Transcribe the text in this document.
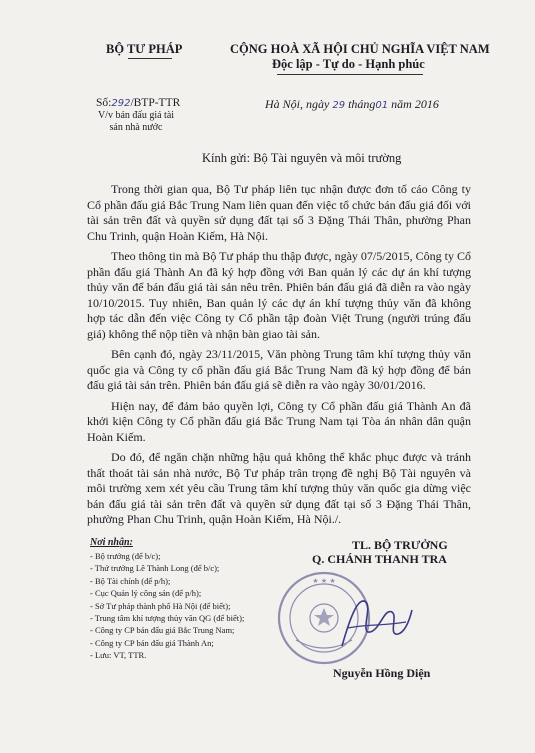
BỘ TƯ PHÁP	CỘNG HOÀ XÃ HỘI CHỦ NGHĨA VIỆT NAM
Độc lập - Tự do - Hạnh phúc
Số:292/BTP-TTR
V/v bán đấu giá tài sản nhà nước
Hà Nội, ngày 29 tháng01 năm 2016
Kính gửi: Bộ Tài nguyên và môi trường

Trong thời gian qua, Bộ Tư pháp liên tục nhận được đơn tố cáo Công ty Cổ phần đấu giá Bắc Trung Nam liên quan đến việc tổ chức bán đấu giá đối với tài sản trên đất và quyền sử dụng đất tại số 3 Đặng Thái Thân, phường Phan Chu Trinh, quận Hoàn Kiếm, Hà Nội.

Theo thông tin mà Bộ Tư pháp thu thập được, ngày 07/5/2015, Công ty Cổ phần đấu giá Thành An đã ký hợp đồng với Ban quản lý các dự án khí tượng thủy văn để bán đấu giá tài sản nêu trên. Phiên bán đấu giá đã diễn ra vào ngày 10/10/2015. Tuy nhiên, Ban quản lý các dự án khí tượng thủy văn đã không hợp tác dẫn đến việc Công ty Cổ phần tập đoàn Việt Trung (người trúng đấu giá) không thể nộp tiền và nhận bàn giao tài sản.

Bên cạnh đó, ngày 23/11/2015, Văn phòng Trung tâm khí tượng thủy văn quốc gia và Công ty cổ phần đấu giá Bắc Trung Nam đã ký hợp đồng để bán đấu giá tài sản trên. Phiên bán đấu giá sẽ diễn ra vào ngày 30/01/2016.

Hiện nay, để đảm bảo quyền lợi, Công ty Cổ phần đấu giá Thành An đã khởi kiện Công ty Cổ phần đấu giá Bắc Trung Nam tại Tòa án nhân dân quận Hoàn Kiếm.

Do đó, để ngăn chặn những hậu quả không thể khắc phục được và tránh thất thoát tài sản nhà nước, Bộ Tư pháp trân trọng đề nghị Bộ Tài nguyên và môi trường xem xét yêu cầu Trung tâm khí tượng thủy văn quốc gia dừng việc bán đấu giá tài sản trên đất và quyền sử dụng đất tại số 3 Đặng Thái Thân, phường Phan Chu Trinh, quận Hoàn Kiếm, Hà Nội./.

Nơi nhận:
- Bộ trưởng (để b/c);
- Thứ trưởng Lê Thành Long (để b/c);
- Bộ Tài chính (để p/h);
- Cục Quản lý công sản (để p/h);
- Sở Tư pháp thành phố Hà Nội (để biết);
- Trung tâm khí tượng thủy văn QG (để biết);
- Công ty CP bán đấu giá Bắc Trung Nam;
- Công ty CP bán đấu giá Thành An;
- Lưu: VT, TTR.
TL. BỘ TRƯỞNG
Q. CHÁNH THANH TRA
★ ★ ★
Nguyễn Hồng Diện
